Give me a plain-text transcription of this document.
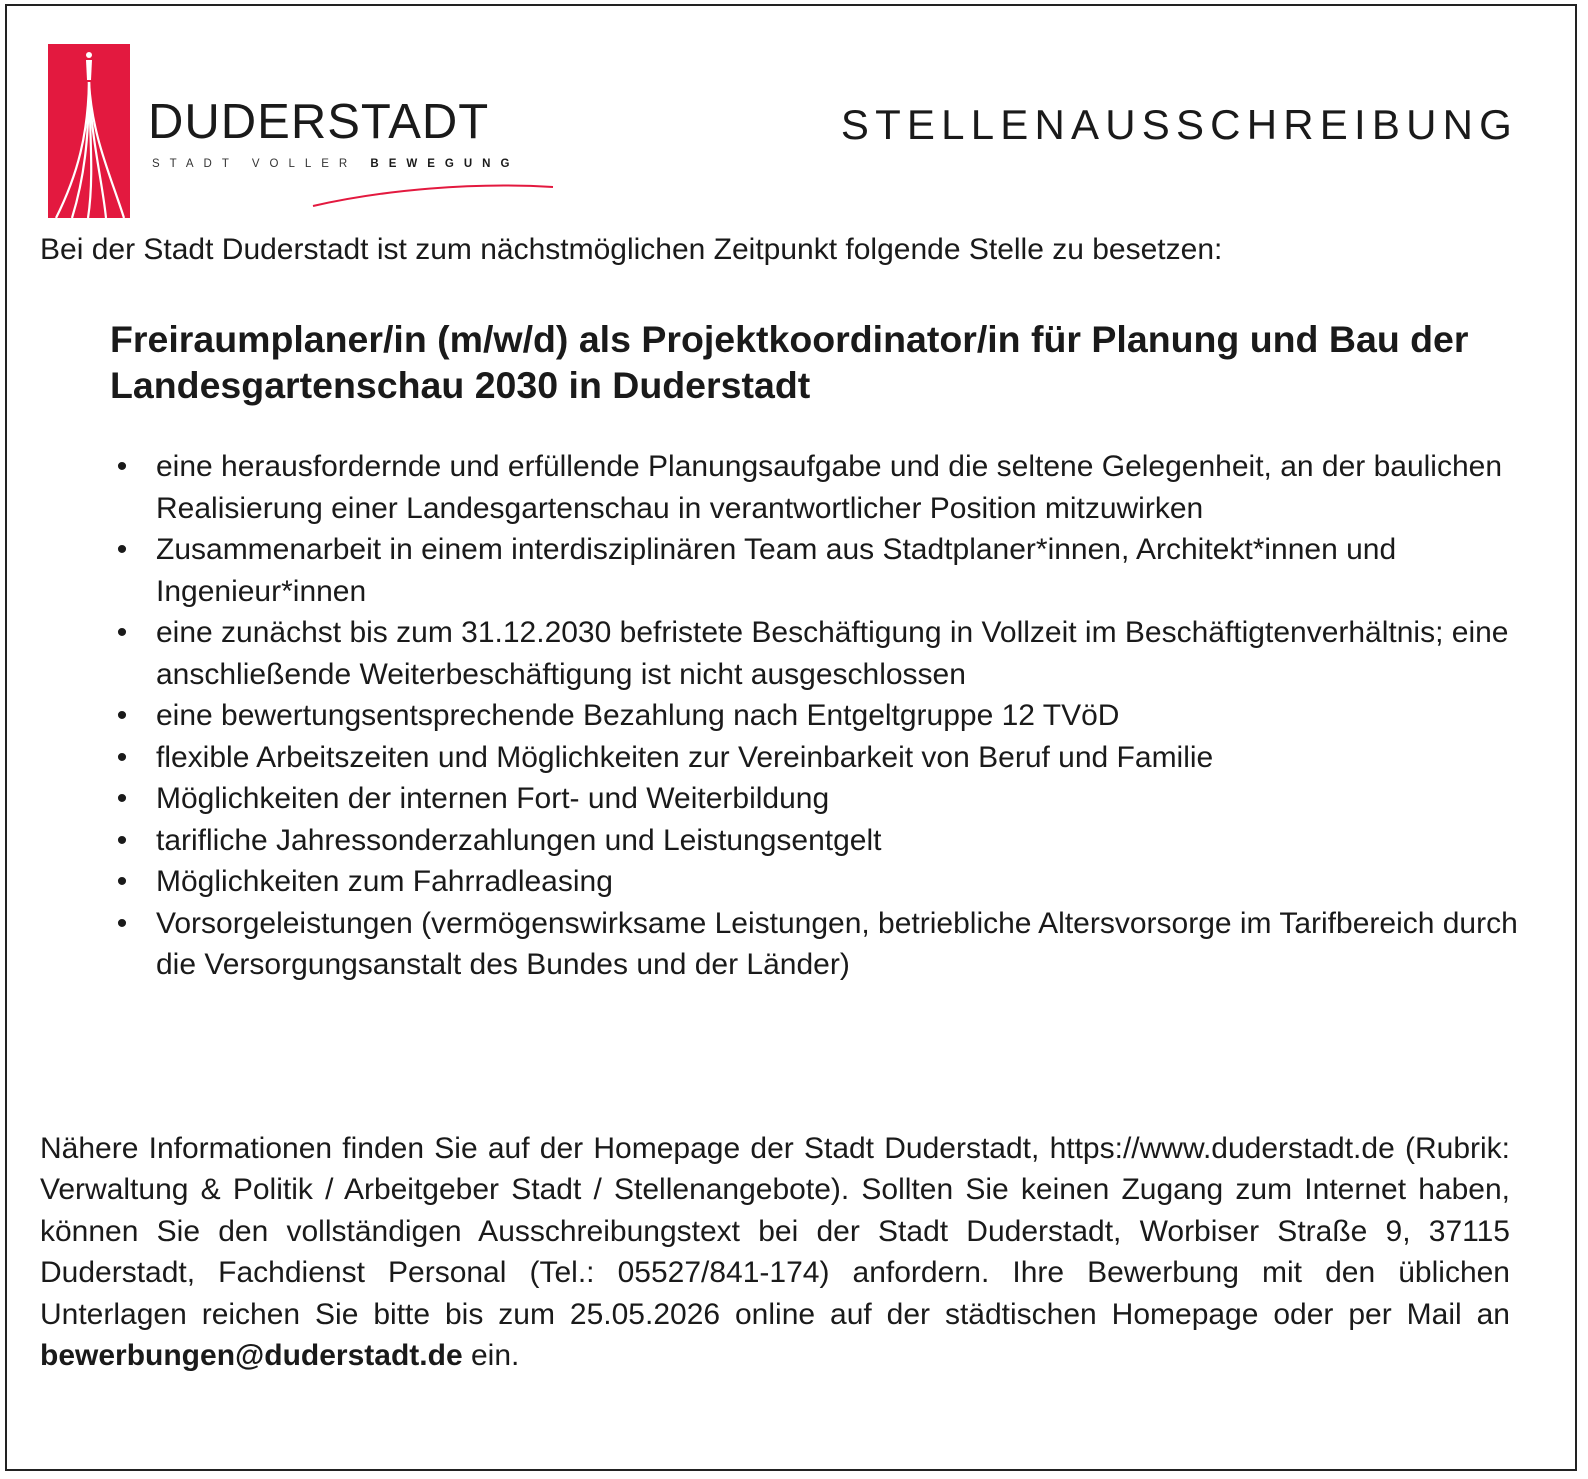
DUDERSTADT
STADT VOLLER BEWEGUNG
STELLENAUSSCHREIBUNG
Bei der Stadt Duderstadt ist zum nächstmöglichen Zeitpunkt folgende Stelle zu besetzen:
Freiraumplaner/in (m/w/d) als Projektkoordinator/in für Planung und Bau der Landesgartenschau 2030 in Duderstadt
• eine herausfordernde und erfüllende Planungsaufgabe und die seltene Gelegenheit, an der baulichen Realisierung einer Landesgartenschau in verantwortlicher Position mitzuwirken
• Zusammenarbeit in einem interdisziplinären Team aus Stadtplaner*innen, Architekt*innen und Ingenieur*innen
• eine zunächst bis zum 31.12.2030 befristete Beschäftigung in Vollzeit im Beschäftigtenverhältnis; eine anschließende Weiterbeschäftigung ist nicht ausgeschlossen
• eine bewertungsentsprechende Bezahlung nach Entgeltgruppe 12 TVöD
• flexible Arbeitszeiten und Möglichkeiten zur Vereinbarkeit von Beruf und Familie
• Möglichkeiten der internen Fort- und Weiterbildung
• tarifliche Jahressonderzahlungen und Leistungsentgelt
• Möglichkeiten zum Fahrradleasing
• Vorsorgeleistungen (vermögenswirksame Leistungen, betriebliche Altersvorsorge im Tarifbereich durch die Versorgungsanstalt des Bundes und der Länder)
Nähere Informationen finden Sie auf der Homepage der Stadt Duderstadt, https://www.duderstadt.de (Rubrik: Verwaltung & Politik / Arbeitgeber Stadt / Stellenangebote). Sollten Sie keinen Zugang zum Internet haben, können Sie den vollständigen Ausschreibungstext bei der Stadt Duderstadt, Worbiser Straße 9, 37115 Duderstadt, Fachdienst Personal (Tel.: 05527/841-174) anfordern. Ihre Bewerbung mit den üblichen Unterlagen reichen Sie bitte bis zum 25.05.2026 online auf der städtischen Homepage oder per Mail an bewerbungen@duderstadt.de ein.
